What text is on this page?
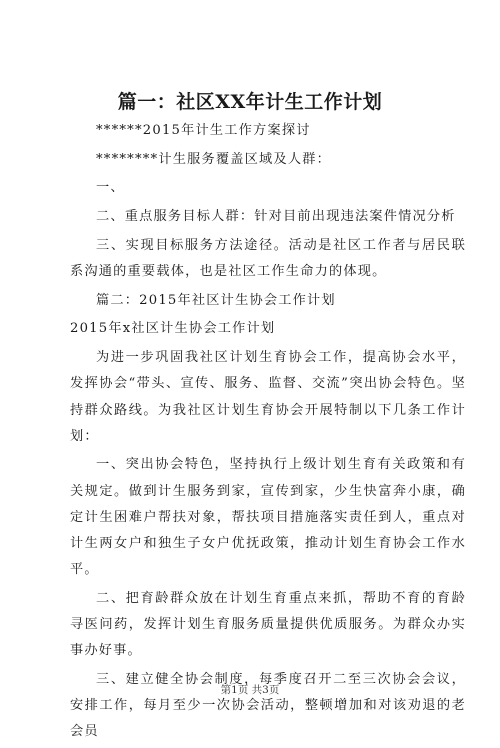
篇一：社区XX年计生工作计划

******2015年计生工作方案探讨

********计生服务覆盖区域及人群：

一、

二、重点服务目标人群：针对目前出现违法案件情况分析

三、实现目标服务方法途径。活动是社区工作者与居民联系沟通的重要载体，也是社区工作生命力的体现。

篇二：2015年社区计生协会工作计划

2015年x社区计生协会工作计划

为进一步巩固我社区计划生育协会工作，提高协会水平，发挥协会“带头、宣传、服务、监督、交流”突出协会特色。坚持群众路线。为我社区计划生育协会开展特制以下几条工作计划：

一、突出协会特色，坚持执行上级计划生育有关政策和有关规定。做到计生服务到家，宣传到家，少生快富奔小康，确定计生困难户帮扶对象，帮扶项目措施落实责任到人，重点对计生两女户和独生子女户优抚政策，推动计划生育协会工作水平。

二、把育龄群众放在计划生育重点来抓，帮助不育的育龄寻医问药，发挥计划生育服务质量提供优质服务。为群众办实事办好事。

三、建立健全协会制度，每季度召开二至三次协会会议，安排工作，每月至少一次协会活动，整顿增加和对该劝退的老会员

第1页 共3页
